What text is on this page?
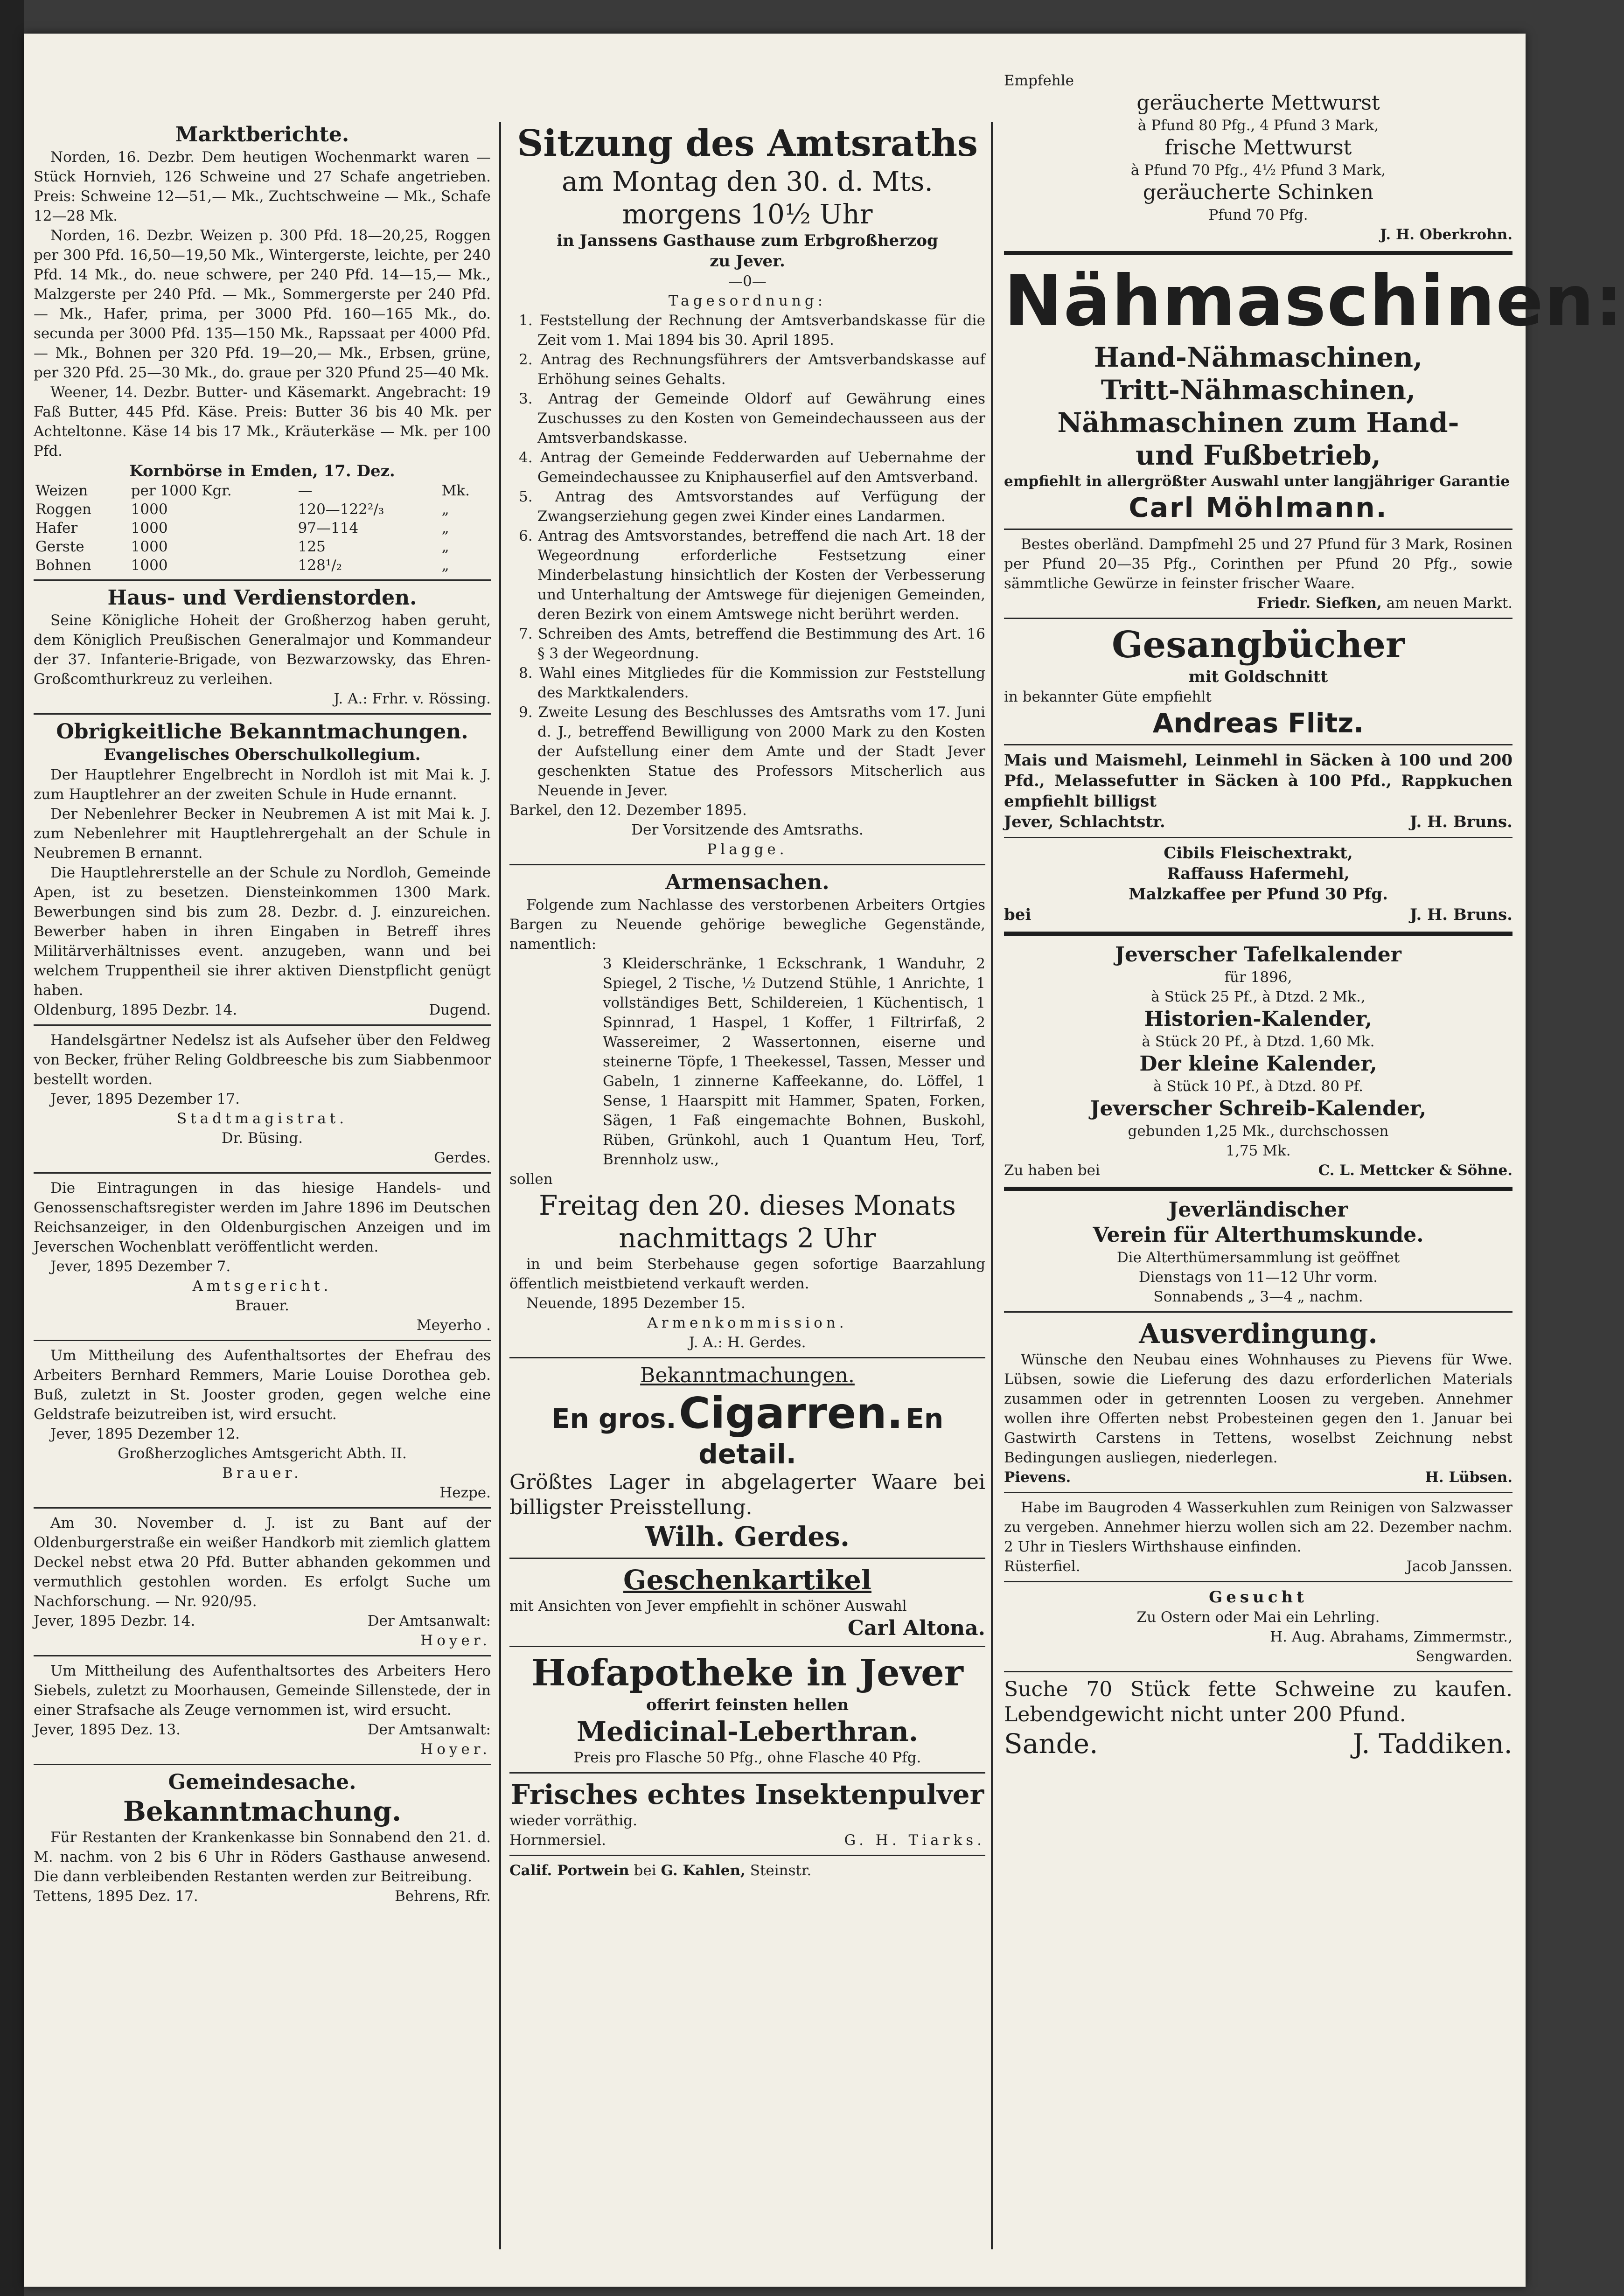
Marktberichte.

Norden, 16. Dezbr. Dem heutigen Wochenmarkt waren — Stück Hornvieh, 126 Schweine und 27 Schafe angetrieben. Preis: Schweine 12—51,— Mk., Zuchtschweine — Mk., Schafe 12—28 Mk.

Norden, 16. Dezbr. Weizen p. 300 Pfd. 18—20,25, Roggen per 300 Pfd. 16,50—19,50 Mk., Wintergerste, leichte, per 240 Pfd. 14 Mk., do. neue schwere, per 240 Pfd. 14—15,— Mk., Malzgerste per 240 Pfd. — Mk., Sommergerste per 240 Pfd. — Mk., Hafer, prima, per 3000 Pfd. 160—165 Mk., do. secunda per 3000 Pfd. 135—150 Mk., Rapssaat per 4000 Pfd. — Mk., Bohnen per 320 Pfd. 19—20,— Mk., Erbsen, grüne, per 320 Pfd. 25—30 Mk., do. graue per 320 Pfund 25—40 Mk.

Weener, 14. Dezbr. Butter- und Käsemarkt. Angebracht: 19 Faß Butter, 445 Pfd. Käse. Preis: Butter 36 bis 40 Mk. per Achteltonne. Käse 14 bis 17 Mk., Kräuterkäse — Mk. per 100 Pfd.

Kornbörse in Emden, 17. Dez.

Weizen	per 1000 Kgr.	—	Mk.
Roggen	1000	120—122²/₃	„
Hafer	1000	97—114	„
Gerste	1000	125	„
Bohnen	1000	128¹/₂	„

Haus- und Verdienstorden.

Seine Königliche Hoheit der Großherzog haben geruht, dem Königlich Preußischen Generalmajor und Kommandeur der 37. Infanterie-Brigade, von Bezwarzowsky, das Ehren-Großcomthurkreuz zu verleihen.

J. A.: Frhr. v. Rössing.

Obrigkeitliche Bekanntmachungen.

Evangelisches Oberschulkollegium.

Der Hauptlehrer Engelbrecht in Nordloh ist mit Mai k. J. zum Hauptlehrer an der zweiten Schule in Hude ernannt.

Der Nebenlehrer Becker in Neubremen A ist mit Mai k. J. zum Nebenlehrer mit Hauptlehrergehalt an der Schule in Neubremen B ernannt.

Die Hauptlehrerstelle an der Schule zu Nordloh, Gemeinde Apen, ist zu besetzen. Diensteinkommen 1300 Mark. Bewerbungen sind bis zum 28. Dezbr. d. J. einzureichen. Bewerber haben in ihren Eingaben in Betreff ihres Militärverhältnisses event. anzugeben, wann und bei welchem Truppentheil sie ihrer aktiven Dienstpflicht genügt haben.

Oldenburg, 1895 Dezbr. 14.	Dugend.

Handelsgärtner Nedelsz ist als Aufseher über den Feldweg von Becker, früher Reling Goldbreesche bis zum Siabbenmoor bestellt worden.

Jever, 1895 Dezember 17.

Stadtmagistrat.

Dr. Büsing.

Gerdes.

Die Eintragungen in das hiesige Handels- und Genossenschaftsregister werden im Jahre 1896 im Deutschen Reichsanzeiger, in den Oldenburgischen Anzeigen und im Jeverschen Wochenblatt veröffentlicht werden.

Jever, 1895 Dezember 7.

Amtsgericht.

Brauer.

Meyerho .

Um Mittheilung des Aufenthaltsortes der Ehefrau des Arbeiters Bernhard Remmers, Marie Louise Dorothea geb. Buß, zuletzt in St. Jooster groden, gegen welche eine Geldstrafe beizutreiben ist, wird ersucht.

Jever, 1895 Dezember 12.

Großherzogliches Amtsgericht Abth. II.

Brauer.

Hezpe.

Am 30. November d. J. ist zu Bant auf der Oldenburgerstraße ein weißer Handkorb mit ziemlich glattem Deckel nebst etwa 20 Pfd. Butter abhanden gekommen und vermuthlich gestohlen worden. Es erfolgt Suche um Nachforschung. — Nr. 920/95.

Jever, 1895 Dezbr. 14.	Der Amtsanwalt:

Hoyer.

Um Mittheilung des Aufenthaltsortes des Arbeiters Hero Siebels, zuletzt zu Moorhausen, Gemeinde Sillenstede, der in einer Strafsache als Zeuge vernommen ist, wird ersucht.

Jever, 1895 Dez. 13.	Der Amtsanwalt:

Hoyer.

Gemeindesache.

Bekanntmachung.

Für Restanten der Krankenkasse bin Sonnabend den 21. d. M. nachm. von 2 bis 6 Uhr in Röders Gasthause anwesend. Die dann verbleibenden Restanten werden zur Beitreibung.

Tettens, 1895 Dez. 17.	Behrens, Rfr.

Sitzung des Amtsraths

am Montag den 30. d. Mts.

morgens 10½ Uhr

in Janssens Gasthause zum Erbgroßherzog

zu Jever.

—0—

Tagesordnung:

1. Feststellung der Rechnung der Amtsverbandskasse für die Zeit vom 1. Mai 1894 bis 30. April 1895.

2. Antrag des Rechnungsführers der Amtsverbandskasse auf Erhöhung seines Gehalts.

3. Antrag der Gemeinde Oldorf auf Gewährung eines Zuschusses zu den Kosten von Gemeindechausseen aus der Amtsverbandskasse.

4. Antrag der Gemeinde Fedderwarden auf Uebernahme der Gemeindechaussee zu Kniphauserfiel auf den Amtsverband.

5. Antrag des Amtsvorstandes auf Verfügung der Zwangserziehung gegen zwei Kinder eines Landarmen.

6. Antrag des Amtsvorstandes, betreffend die nach Art. 18 der Wegeordnung erforderliche Festsetzung einer Minderbelastung hinsichtlich der Kosten der Verbesserung und Unterhaltung der Amtswege für diejenigen Gemeinden, deren Bezirk von einem Amtswege nicht berührt werden.

7. Schreiben des Amts, betreffend die Bestimmung des Art. 16 § 3 der Wegeordnung.

8. Wahl eines Mitgliedes für die Kommission zur Feststellung des Marktkalenders.

9. Zweite Lesung des Beschlusses des Amtsraths vom 17. Juni d. J., betreffend Bewilligung von 2000 Mark zu den Kosten der Aufstellung einer dem Amte und der Stadt Jever geschenkten Statue des Professors Mitscherlich aus Neuende in Jever.

Barkel, den 12. Dezember 1895.

Der Vorsitzende des Amtsraths.

Plagge.

Armensachen.

Folgende zum Nachlasse des verstorbenen Arbeiters Ortgies Bargen zu Neuende gehörige bewegliche Gegenstände, namentlich:

3 Kleiderschränke, 1 Eckschrank, 1 Wanduhr, 2 Spiegel, 2 Tische, ½ Dutzend Stühle, 1 Anrichte, 1 vollständiges Bett, Schildereien, 1 Küchentisch, 1 Spinnrad, 1 Haspel, 1 Koffer, 1 Filtrirfaß, 2 Wassereimer, 2 Wassertonnen, eiserne und steinerne Töpfe, 1 Theekessel, Tassen, Messer und Gabeln, 1 zinnerne Kaffeekanne, do. Löffel, 1 Sense, 1 Haarspitt mit Hammer, Spaten, Forken, Sägen, 1 Faß eingemachte Bohnen, Buskohl, Rüben, Grünkohl, auch 1 Quantum Heu, Torf, Brennholz usw.,

sollen

Freitag den 20. dieses Monats

nachmittags 2 Uhr

in und beim Sterbehause gegen sofortige Baarzahlung öffentlich meistbietend verkauft werden.

Neuende, 1895 Dezember 15.

Armenkommission.

J. A.: H. Gerdes.

Bekanntmachungen.

En gros. Cigarren. En detail.

Größtes Lager in abgelagerter Waare bei billigster Preisstellung.

Wilh. Gerdes.

Geschenkartikel

mit Ansichten von Jever empfiehlt in schöner Auswahl

Carl Altona.

Hofapotheke in Jever

offerirt feinsten hellen

Medicinal-Leberthran.

Preis pro Flasche 50 Pfg., ohne Flasche 40 Pfg.

Frisches echtes Insektenpulver

wieder vorräthig.

Hornmersiel.	G. H. Tiarks.

Calif. Portwein bei G. Kahlen, Steinstr.

Empfehle

geräucherte Mettwurst

à Pfund 80 Pfg., 4 Pfund 3 Mark,

frische Mettwurst

à Pfund 70 Pfg., 4½ Pfund 3 Mark,

geräucherte Schinken

Pfund 70 Pfg.

J. H. Oberkrohn.

Nähmaschinen:

Hand-Nähmaschinen,

Tritt-Nähmaschinen,

Nähmaschinen zum Hand-

und Fußbetrieb,

empfiehlt in allergrößter Auswahl unter langjähriger Garantie

Carl Möhlmann.

Bestes oberländ. Dampfmehl 25 und 27 Pfund für 3 Mark, Rosinen per Pfund 20—35 Pfg., Corinthen per Pfund 20 Pfg., sowie sämmtliche Gewürze in feinster frischer Waare.

Friedr. Siefken, am neuen Markt.

Gesangbücher

mit Goldschnitt

in bekannter Güte empfiehlt

Andreas Flitz.

Mais und Maismehl, Leinmehl in Säcken à 100 und 200 Pfd., Melassefutter in Säcken à 100 Pfd., Rappkuchen empfiehlt billigst

Jever, Schlachtstr.	J. H. Bruns.

Cibils Fleischextrakt,

Raffauss Hafermehl,

Malzkaffee per Pfund 30 Pfg.

bei	J. H. Bruns.

Jeverscher Tafelkalender

für 1896,

à Stück 25 Pf., à Dtzd. 2 Mk.,

Historien-Kalender,

à Stück 20 Pf., à Dtzd. 1,60 Mk.

Der kleine Kalender,

à Stück 10 Pf., à Dtzd. 80 Pf.

Jeverscher Schreib-Kalender,

gebunden 1,25 Mk., durchschossen

1,75 Mk.

Zu haben bei	C. L. Mettcker & Söhne.

Jeverländischer

Verein für Alterthumskunde.

Die Alterthümersammlung ist geöffnet

Dienstags von 11—12 Uhr vorm.

Sonnabends „ 3—4 „ nachm.

Ausverdingung.

Wünsche den Neubau eines Wohnhauses zu Pievens für Wwe. Lübsen, sowie die Lieferung des dazu erforderlichen Materials zusammen oder in getrennten Loosen zu vergeben. Annehmer wollen ihre Offerten nebst Probesteinen gegen den 1. Januar bei Gastwirth Carstens in Tettens, woselbst Zeichnung nebst Bedingungen ausliegen, niederlegen.

Pievens.	H. Lübsen.

Habe im Baugroden 4 Wasserkuhlen zum Reinigen von Salzwasser zu vergeben. Annehmer hierzu wollen sich am 22. Dezember nachm. 2 Uhr in Tieslers Wirthshause einfinden.

Rüsterfiel.	Jacob Janssen.

Gesucht

Zu Ostern oder Mai ein Lehrling.

H. Aug. Abrahams, Zimmermstr.,

Sengwarden.

Suche 70 Stück fette Schweine zu kaufen. Lebendgewicht nicht unter 200 Pfund.

Sande.	J. Taddiken.
